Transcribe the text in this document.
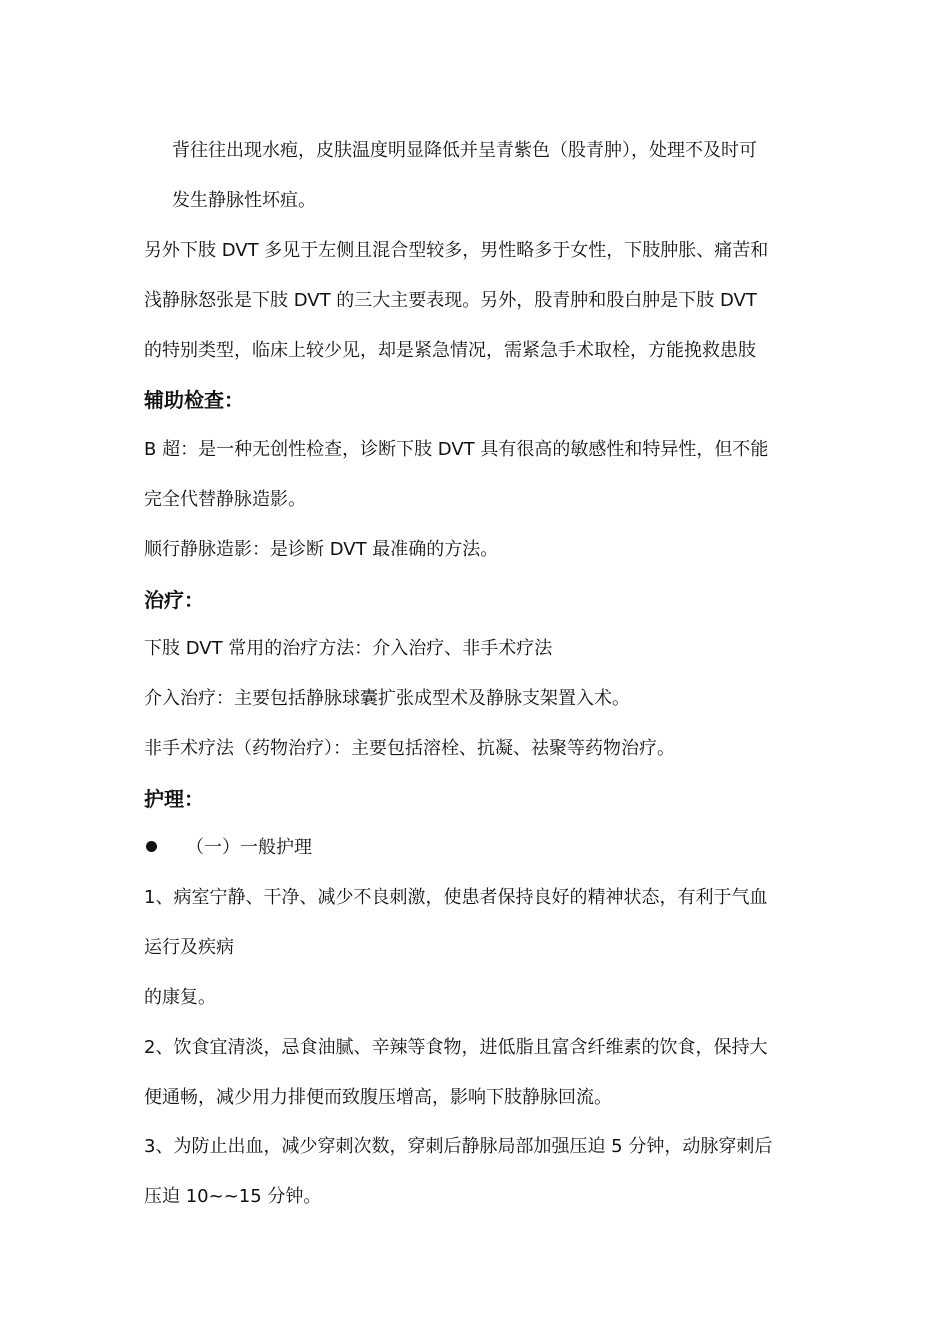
背往往出现水疱，皮肤温度明显降低并呈青紫色（股青肿），处理不及时可
发生静脉性坏疽。
另外下肢 DVT 多见于左侧且混合型较多，男性略多于女性，下肢肿胀、痛苦和
浅静脉怒张是下肢 DVT 的三大主要表现。另外，股青肿和股白肿是下肢 DVT
的特别类型，临床上较少见，却是紧急情况，需紧急手术取栓，方能挽救患肢
辅助检查：
B 超：是一种无创性检查，诊断下肢 DVT 具有很高的敏感性和特异性，但不能
完全代替静脉造影。
顺行静脉造影：是诊断 DVT 最准确的方法。
治疗：
下肢 DVT 常用的治疗方法：介入治疗、非手术疗法
介入治疗：主要包括静脉球囊扩张成型术及静脉支架置入术。
非手术疗法（药物治疗）：主要包括溶栓、抗凝、祛聚等药物治疗。
护理：
（一）一般护理
1、病室宁静、干净、减少不良刺激，使患者保持良好的精神状态，有利于气血
运行及疾病
的康复。
2、饮食宜清淡，忌食油腻、辛辣等食物，进低脂且富含纤维素的饮食，保持大
便通畅，减少用力排便而致腹压增高，影响下肢静脉回流。
3、为防止出血，减少穿刺次数，穿刺后静脉局部加强压迫 5 分钟，动脉穿刺后
压迫 10~~15 分钟。
